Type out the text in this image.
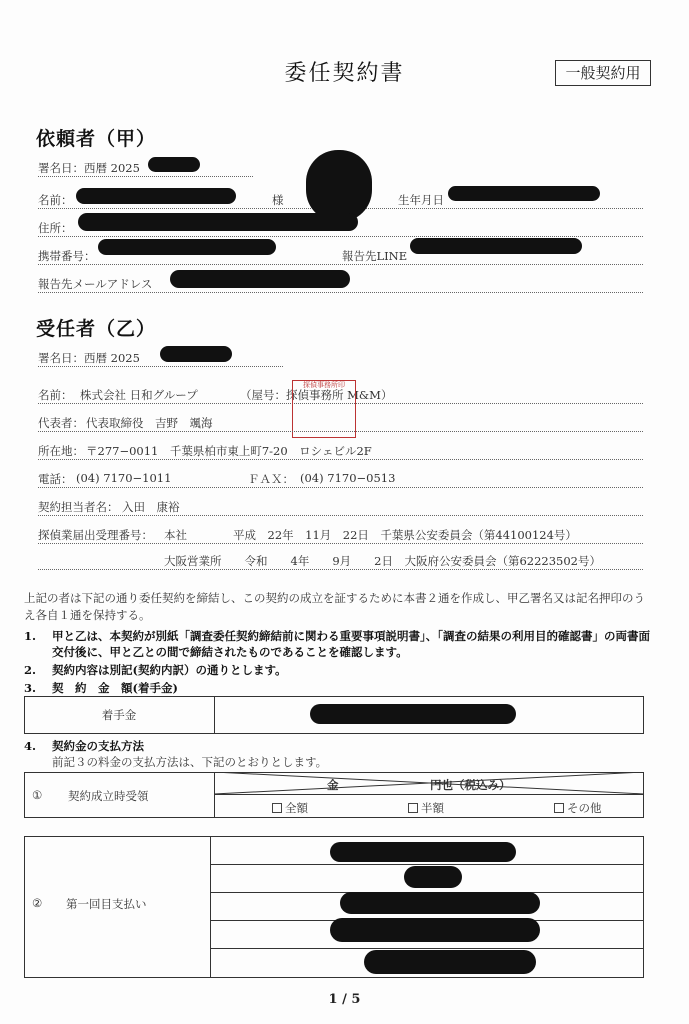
委任契約書	一般契約用
依頼者（甲）
署名日：西暦 2025
名前：	様	生年月日
住所：
携帯番号：	報告先LINE
報告先メールアドレス
受任者（乙）
署名日：西暦 2025
名前： 株式会社 日和グループ	（屋号：探偵事務所 M&M）
探偵事務所印
代表者： 代表取締役　吉野　颯海
所在地： 〒277−0011　千葉県柏市東上町7-20　ロシェビル2F
電話： (04) 7170−1011	ＦＡＸ： (04) 7170−0513
契約担当者名： 入田　康裕
探偵業届出受理番号： 本社　　　　平成　22年　11月　22日　千葉県公安委員会（第44100124号）
大阪営業所　　令和　　4年　　9月　　2日　大阪府公安委員会（第62223502号）
上記の者は下記の通り委任契約を締結し、この契約の成立を証するために本書２通を作成し、甲乙署名又は記名押印のうえ各自１通を保持する。
1. 甲と乙は、本契約が別紙「調査委任契約締結前に関わる重要事項説明書」、「調査の結果の利用目的確認書」の両書面交付後に、甲と乙との間で締結されたものであることを確認します。
2. 契約内容は別記(契約内訳）の通りとします。
3. 契　約　金　額(着手金)
着手金
4. 契約金の支払方法
前記３の料金の支払方法は、下記のとおりとします。
① 契約成立時受領
金	円也（税込み）
全額	半額	その他
② 第一回目支払い
1 / 5
